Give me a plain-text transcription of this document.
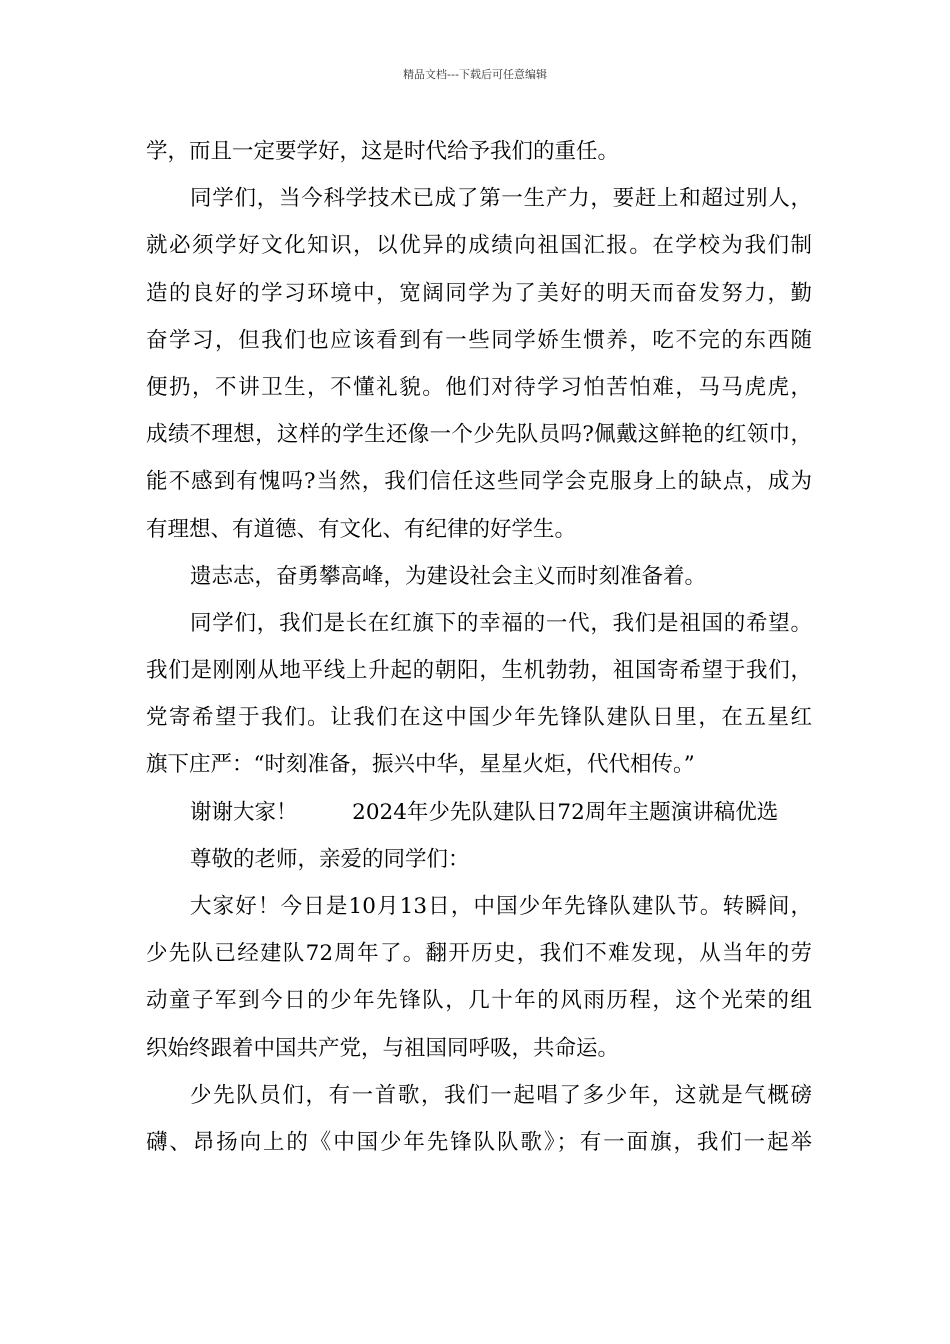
精品文档---下载后可任意编辑
学，而且一定要学好，这是时代给予我们的重任。
同学们，当今科学技术已成了第一生产力，要赶上和超过别人，
就必须学好文化知识，以优异的成绩向祖国汇报。在学校为我们制
造的良好的学习环境中，宽阔同学为了美好的明天而奋发努力，勤
奋学习，但我们也应该看到有一些同学娇生惯养，吃不完的东西随
便扔，不讲卫生，不懂礼貌。他们对待学习怕苦怕难，马马虎虎，
成绩不理想，这样的学生还像一个少先队员吗?佩戴这鲜艳的红领巾，
能不感到有愧吗?当然，我们信任这些同学会克服身上的缺点，成为
有理想、有道德、有文化、有纪律的好学生。
遗志志，奋勇攀高峰，为建设社会主义而时刻准备着。
同学们，我们是长在红旗下的幸福的一代，我们是祖国的希望。
我们是刚刚从地平线上升起的朝阳，生机勃勃，祖国寄希望于我们，
党寄希望于我们。让我们在这中国少年先锋队建队日里，在五星红
旗下庄严：“时刻准备，振兴中华，星星火炬，代代相传。”
谢谢大家！        2024年少先队建队日72周年主题演讲稿优选
尊敬的老师，亲爱的同学们：
大家好！今日是10月13日，中国少年先锋队建队节。转瞬间，
少先队已经建队72周年了。翻开历史，我们不难发现，从当年的劳
动童子军到今日的少年先锋队，几十年的风雨历程，这个光荣的组
织始终跟着中国共产党，与祖国同呼吸，共命运。
少先队员们，有一首歌，我们一起唱了多少年，这就是气概磅
礴、昂扬向上的《中国少年先锋队队歌》；有一面旗，我们一起举
